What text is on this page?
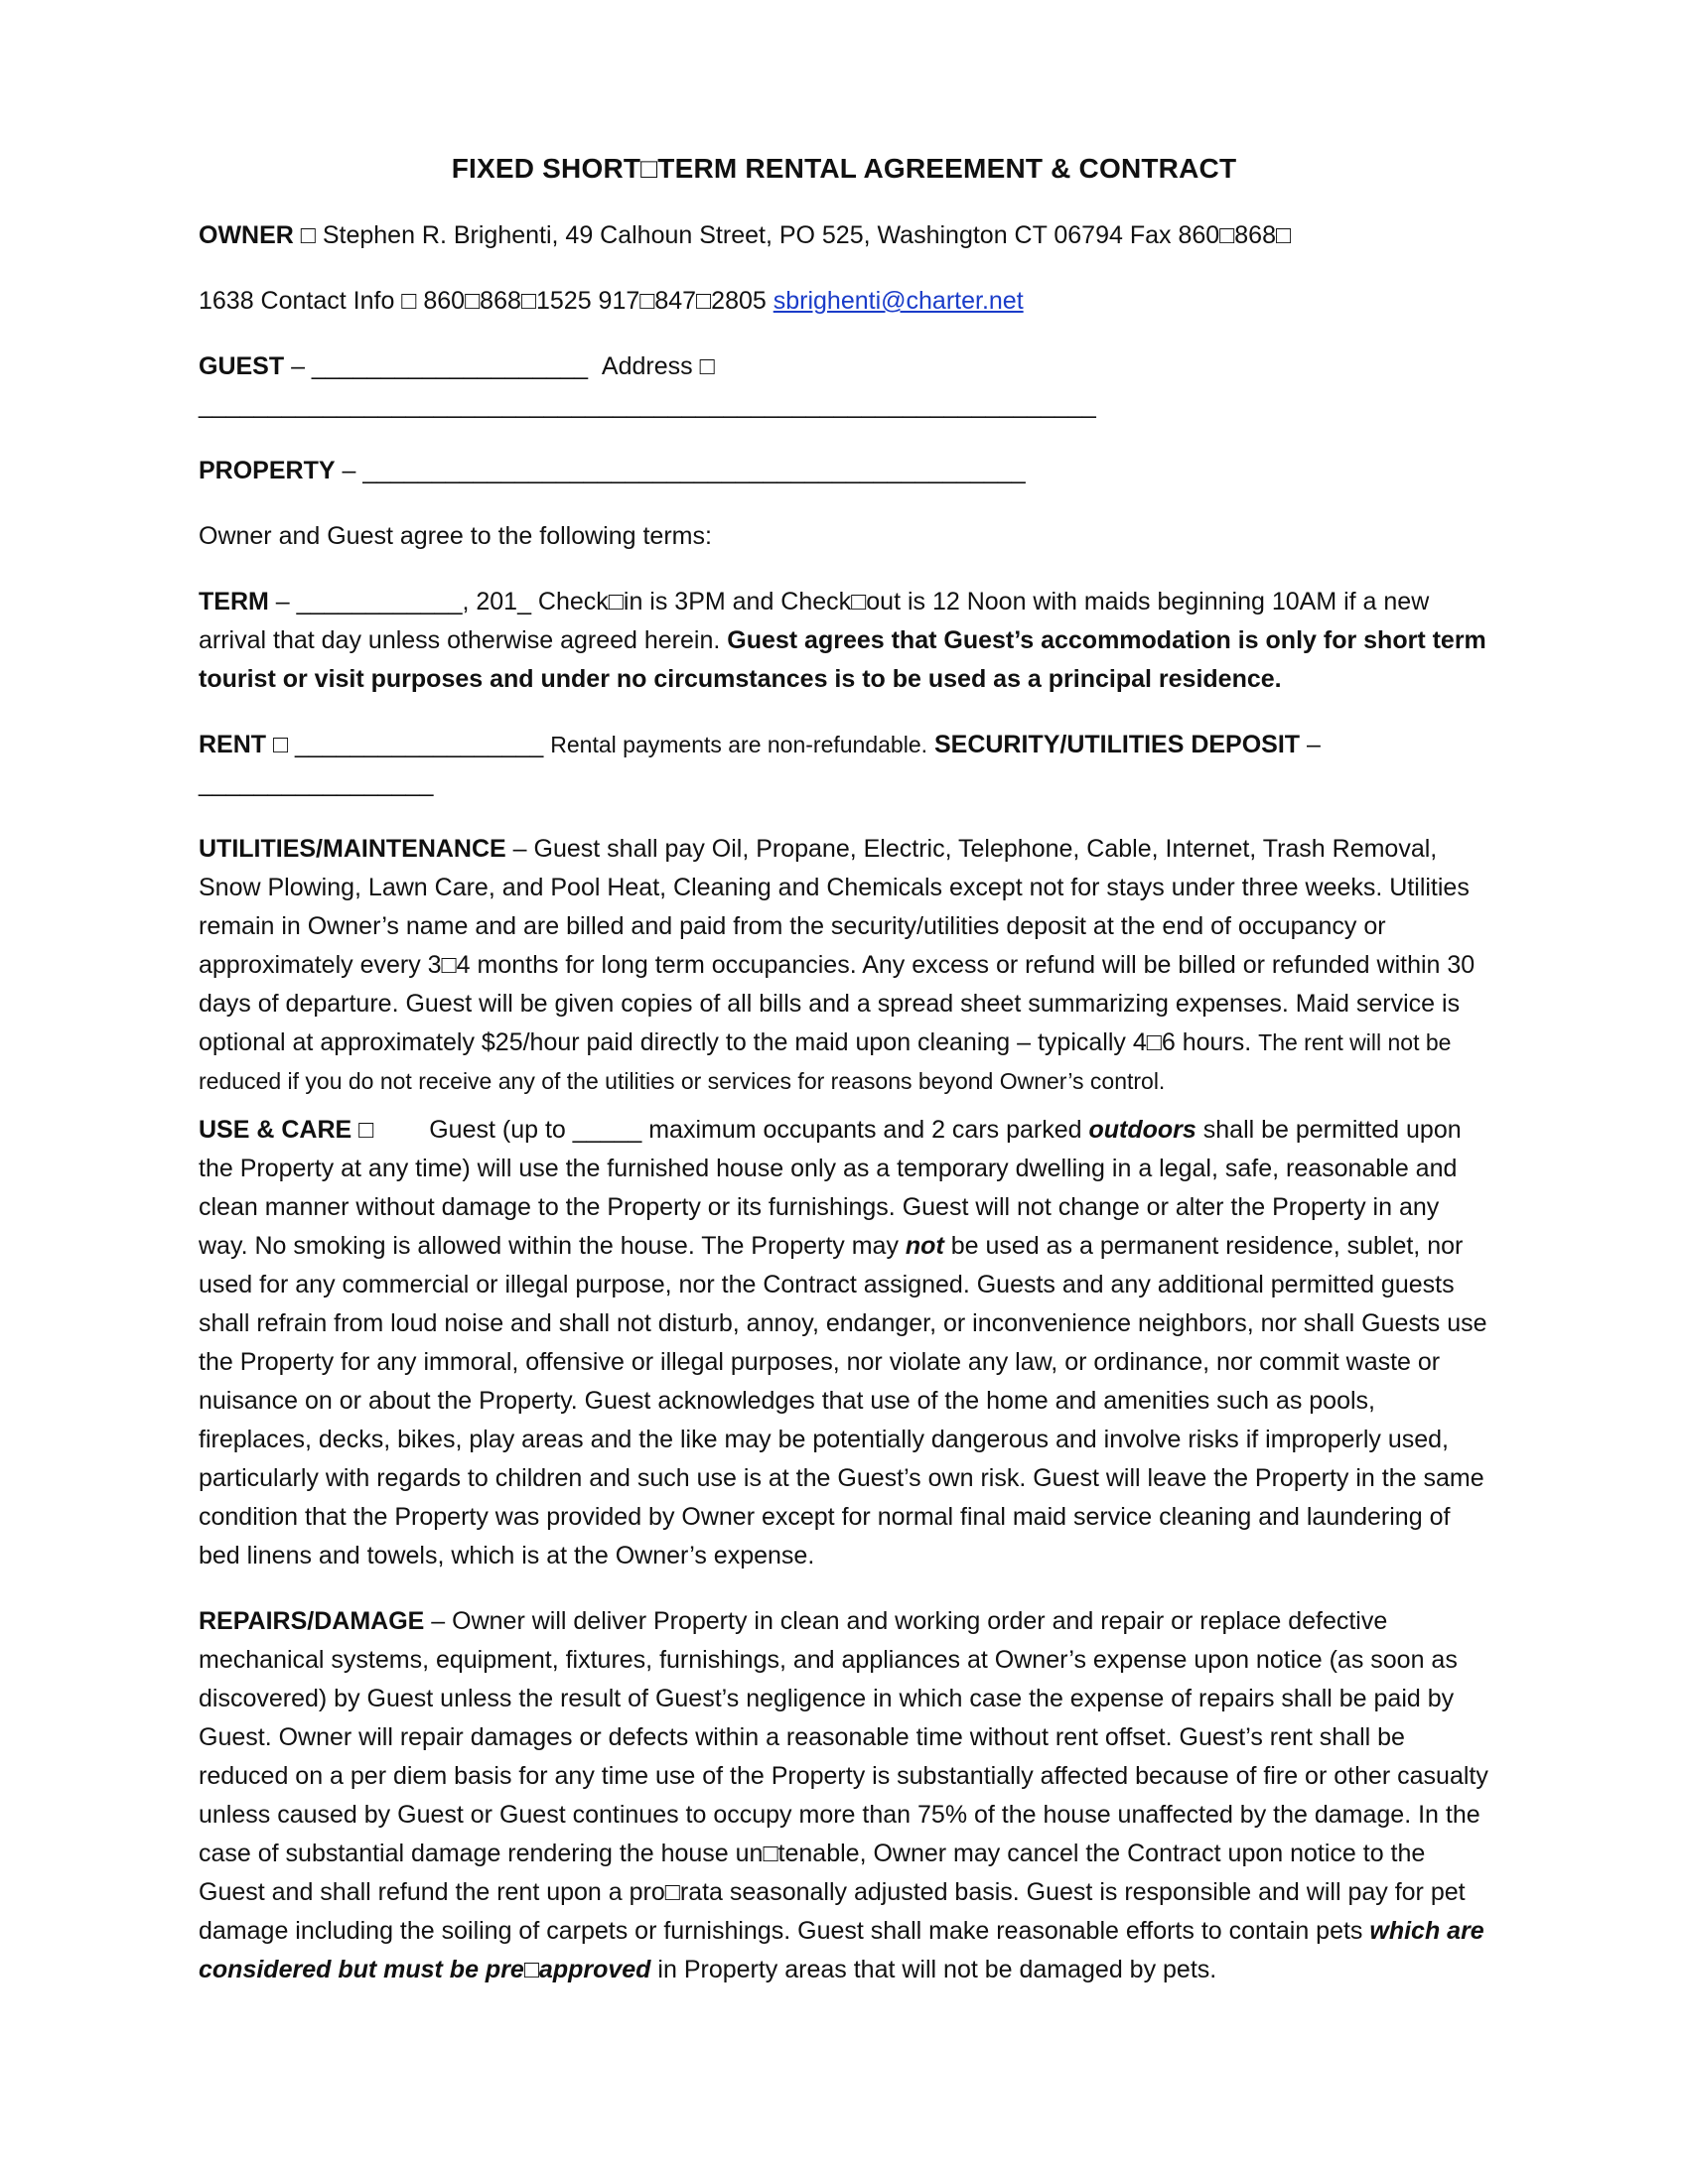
FIXED SHORT□TERM RENTAL AGREEMENT & CONTRACT

OWNER □ Stephen R. Brighenti, 49 Calhoun Street, PO 525, Washington CT 06794 Fax 860□868□

1638 Contact Info □ 860□868□1525 917□847□2805 sbrighenti@charter.net

GUEST – ____________________ Address □ _________________________________________________________________

PROPERTY – ________________________________________________

Owner and Guest agree to the following terms:

TERM – ____________, 201_ Check□in is 3PM and Check□out is 12 Noon with maids beginning 10AM if a new arrival that day unless otherwise agreed herein. Guest agrees that Guest’s accommodation is only for short term tourist or visit purposes and under no circumstances is to be used as a principal residence.

RENT □ __________________ Rental payments are non-refundable. SECURITY/UTILITIES DEPOSIT – _________________

UTILITIES/MAINTENANCE – Guest shall pay Oil, Propane, Electric, Telephone, Cable, Internet, Trash Removal, Snow Plowing, Lawn Care, and Pool Heat, Cleaning and Chemicals except not for stays under three weeks. Utilities remain in Owner’s name and are billed and paid from the security/utilities deposit at the end of occupancy or approximately every 3□4 months for long term occupancies. Any excess or refund will be billed or refunded within 30 days of departure. Guest will be given copies of all bills and a spread sheet summarizing expenses. Maid service is optional at approximately $25/hour paid directly to the maid upon cleaning – typically 4□6 hours. The rent will not be reduced if you do not receive any of the utilities or services for reasons beyond Owner’s control.

USE & CARE □ Guest (up to _____ maximum occupants and 2 cars parked outdoors shall be permitted upon the Property at any time) will use the furnished house only as a temporary dwelling in a legal, safe, reasonable and clean manner without damage to the Property or its furnishings. Guest will not change or alter the Property in any way. No smoking is allowed within the house. The Property may not be used as a permanent residence, sublet, nor used for any commercial or illegal purpose, nor the Contract assigned. Guests and any additional permitted guests shall refrain from loud noise and shall not disturb, annoy, endanger, or inconvenience neighbors, nor shall Guests use the Property for any immoral, offensive or illegal purposes, nor violate any law, or ordinance, nor commit waste or nuisance on or about the Property. Guest acknowledges that use of the home and amenities such as pools, fireplaces, decks, bikes, play areas and the like may be potentially dangerous and involve risks if improperly used, particularly with regards to children and such use is at the Guest’s own risk. Guest will leave the Property in the same condition that the Property was provided by Owner except for normal final maid service cleaning and laundering of bed linens and towels, which is at the Owner’s expense.

REPAIRS/DAMAGE – Owner will deliver Property in clean and working order and repair or replace defective mechanical systems, equipment, fixtures, furnishings, and appliances at Owner’s expense upon notice (as soon as discovered) by Guest unless the result of Guest’s negligence in which case the expense of repairs shall be paid by Guest. Owner will repair damages or defects within a reasonable time without rent offset. Guest’s rent shall be reduced on a per diem basis for any time use of the Property is substantially affected because of fire or other casualty unless caused by Guest or Guest continues to occupy more than 75% of the house unaffected by the damage. In the case of substantial damage rendering the house un□tenable, Owner may cancel the Contract upon notice to the Guest and shall refund the rent upon a pro□rata seasonally adjusted basis. Guest is responsible and will pay for pet damage including the soiling of carpets or furnishings. Guest shall make reasonable efforts to contain pets which are considered but must be pre□approved in Property areas that will not be damaged by pets.
